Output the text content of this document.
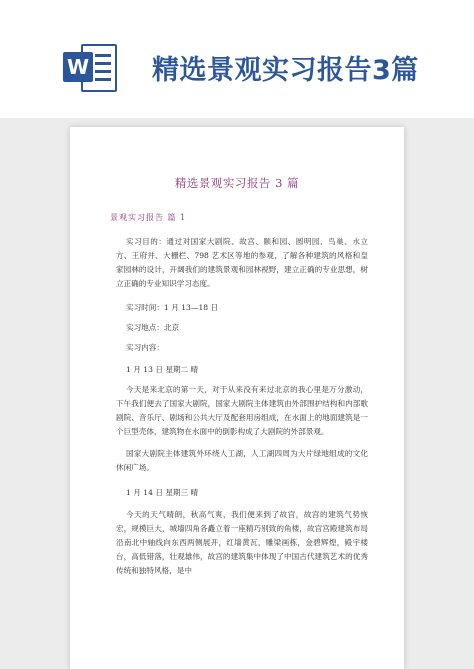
W 精选景观实习报告3篇
精选景观实习报告 3 篇
景观实习报告 篇 1

实习目的：通过对国家大剧院、故宫、颐和园、圆明园、鸟巢、水立方、王府井、大栅栏、798 艺术区等地的参观，了解各种建筑的风格和皇家园林的设计，开阔我们的建筑景观和园林视野，建立正确的专业思想，树立正确的专业知识学习态度。

实习时间：1 月 13—18 日
实习地点：北京
实习内容：
1 月 13 日 星期二 晴

今天是来北京的第一天，对于从来没有来过北京的我心里是万分激动，下午我们便去了国家大剧院，国家大剧院主体建筑由外部围护结构和内部歌剧院、音乐厅、剧场和公共大厅及配套用房组成，在水面上的地面建筑是一个巨型壳体，建筑物在水面中的倒影构成了大剧院的外部景观。

国家大剧院主体建筑外环绕人工湖，人工湖四周为大片绿地组成的文化休闲广场。

1 月 14 日 星期三 晴

今天的天气晴朗，秋高气爽，我们便来到了故宫，故宫的建筑气势恢宏，规模巨大，城墙四角各矗立着一座精巧别致的角楼，故宫宫殿建筑布局沿南北中轴线向东西两侧展开，红墙黄瓦，雕梁画栋，金碧辉煌，殿宇楼台，高低错落，壮观雄伟，故宫的建筑集中体现了中国古代建筑艺术的优秀传统和独特风格，是中
